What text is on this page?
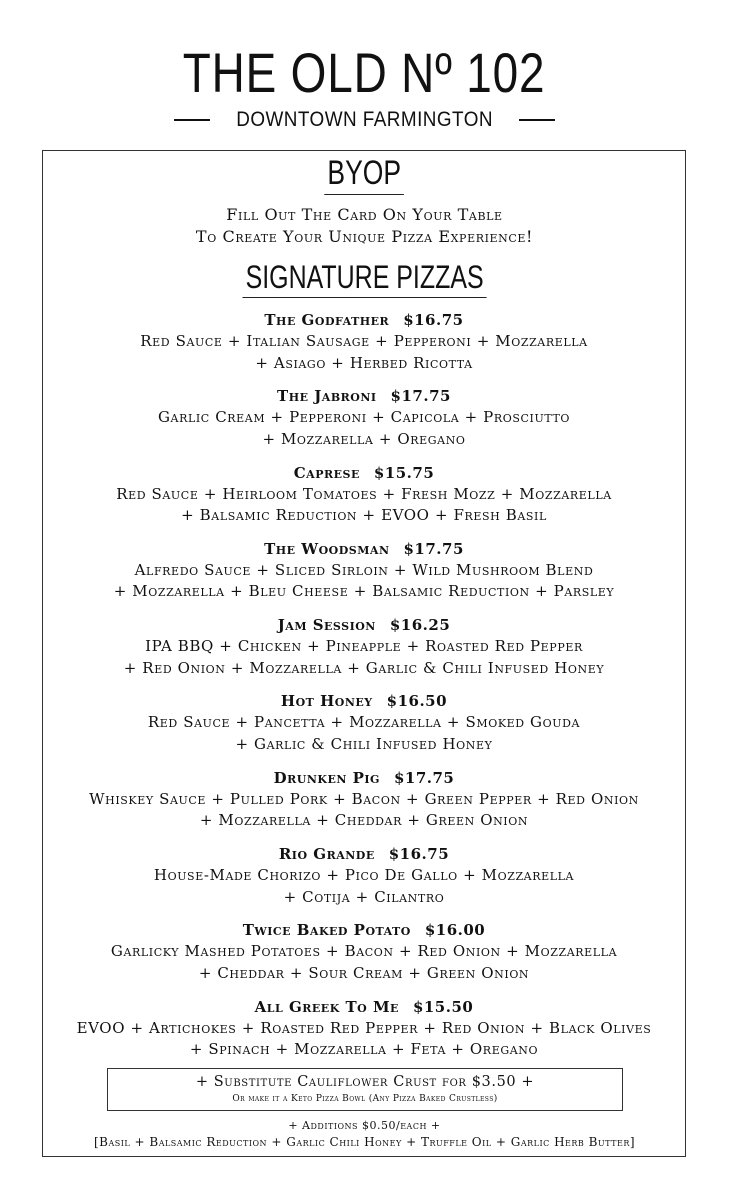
THE OLD Nº 102
DOWNTOWN FARMINGTON
BYOP
Fill Out The Card On Your Table
To Create Your Unique Pizza Experience!
SIGNATURE PIZZAS
The Godfather $16.75
Red Sauce + Italian Sausage + Pepperoni + Mozzarella
+ Asiago + Herbed Ricotta
The Jabroni $17.75
Garlic Cream + Pepperoni + Capicola + Prosciutto
+ Mozzarella + Oregano
Caprese $15.75
Red Sauce + Heirloom Tomatoes + Fresh Mozz + Mozzarella
+ Balsamic Reduction + EVOO + Fresh Basil
The Woodsman $17.75
Alfredo Sauce + Sliced Sirloin + Wild Mushroom Blend
+ Mozzarella + Bleu Cheese + Balsamic Reduction + Parsley
Jam Session $16.25
IPA BBQ + Chicken + Pineapple + Roasted Red Pepper
+ Red Onion + Mozzarella + Garlic & Chili Infused Honey
Hot Honey $16.50
Red Sauce + Pancetta + Mozzarella + Smoked Gouda
+ Garlic & Chili Infused Honey
Drunken Pig $17.75
Whiskey Sauce + Pulled Pork + Bacon + Green Pepper + Red Onion
+ Mozzarella + Cheddar + Green Onion
Rio Grande $16.75
House-Made Chorizo + Pico De Gallo + Mozzarella
+ Cotija + Cilantro
Twice Baked Potato $16.00
Garlicky Mashed Potatoes + Bacon + Red Onion + Mozzarella
+ Cheddar + Sour Cream + Green Onion
All Greek To Me $15.50
EVOO + Artichokes + Roasted Red Pepper + Red Onion + Black Olives
+ Spinach + Mozzarella + Feta + Oregano
+ Substitute Cauliflower Crust for $3.50 +
Or make it a Keto Pizza Bowl (Any Pizza Baked Crustless)
+ Additions $0.50/each +
[Basil + Balsamic Reduction + Garlic Chili Honey + Truffle Oil + Garlic Herb Butter]
